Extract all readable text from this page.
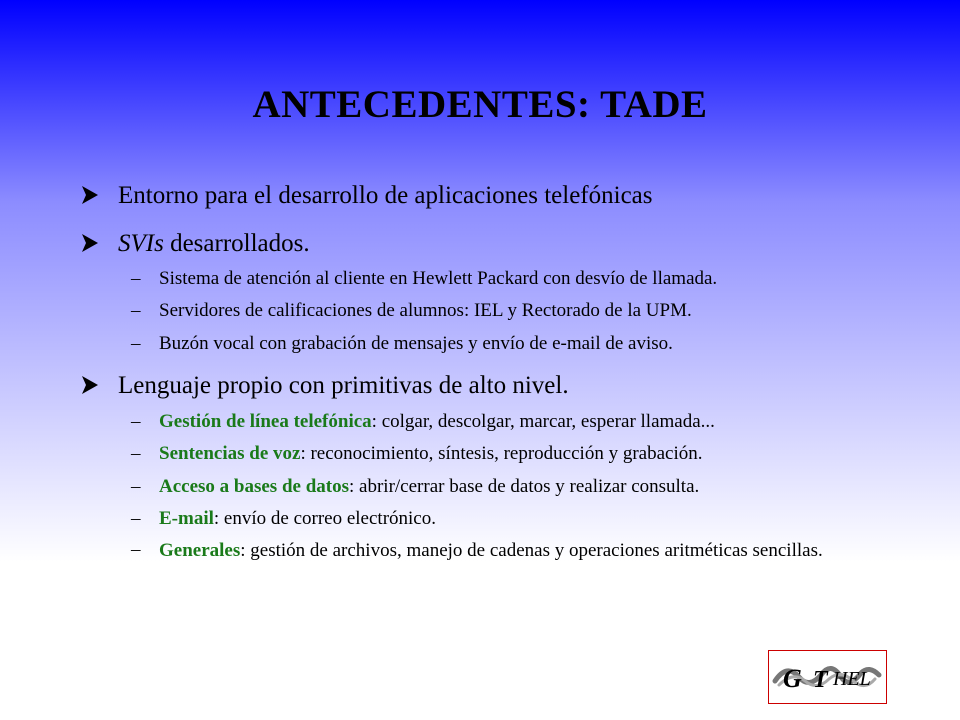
ANTECEDENTES: TADE
Entorno para el desarrollo de aplicaciones telefónicas
SVIs desarrollados.
– Sistema de atención al cliente en Hewlett Packard con desvío de llamada.
– Servidores de calificaciones de alumnos: IEL y Rectorado de la UPM.
– Buzón vocal con grabación de mensajes y envío de e-mail de aviso.
Lenguaje propio con primitivas de alto nivel.
– Gestión de línea telefónica: colgar, descolgar, marcar, esperar llamada...
– Sentencias de voz: reconocimiento, síntesis, reproducción y grabación.
– Acceso a bases de datos: abrir/cerrar base de datos y realizar consulta.
– E-mail: envío de correo electrónico.
– Generales: gestión de archivos, manejo de cadenas y operaciones aritméticas sencillas.
G T HEL
